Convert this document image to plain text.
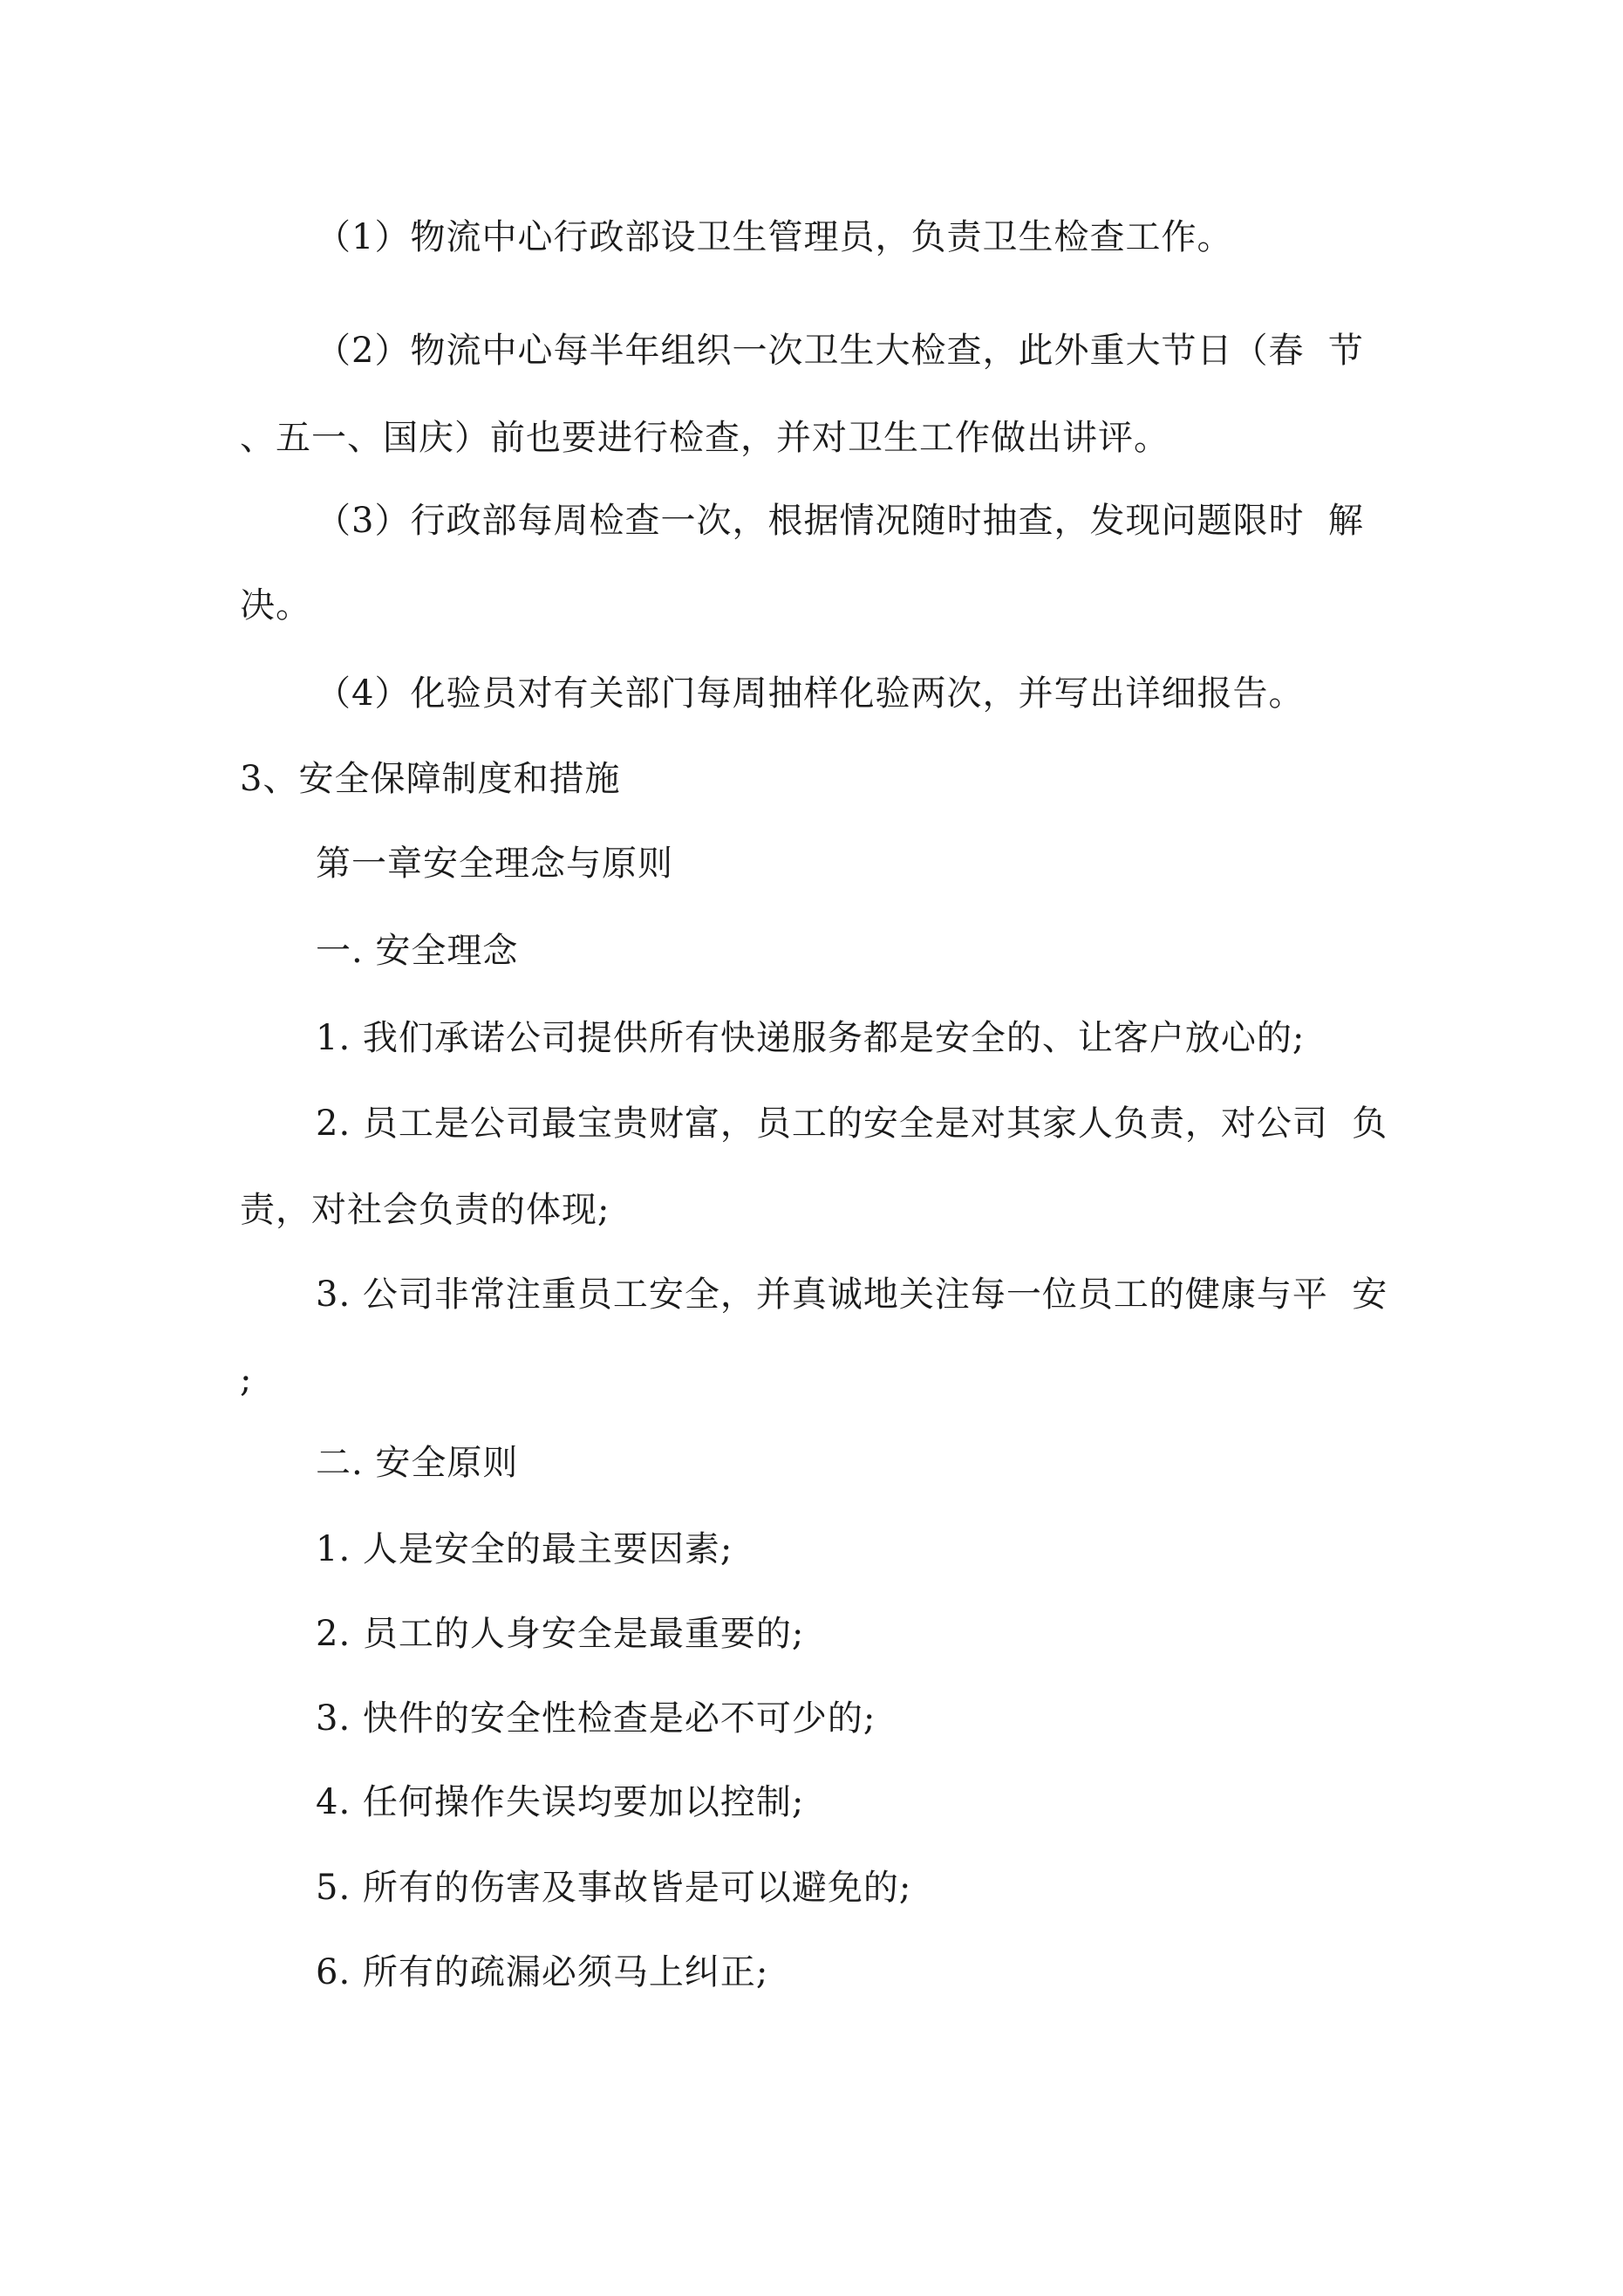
（1）物流中心行政部设卫生管理员，负责卫生检查工作。
（2）物流中心每半年组织一次卫生大检查，此外重大节日（春  节
、五一、国庆）前也要进行检查，并对卫生工作做出讲评。
（3）行政部每周检查一次，根据情况随时抽查，发现问题限时  解
决。
（4）化验员对有关部门每周抽样化验两次，并写出详细报告。
3、安全保障制度和措施
第一章安全理念与原则
一. 安全理念
1. 我们承诺公司提供所有快递服务都是安全的、让客户放心的;
2. 员工是公司最宝贵财富，员工的安全是对其家人负责，对公司  负
责，对社会负责的体现;
3. 公司非常注重员工安全，并真诚地关注每一位员工的健康与平  安
;
二. 安全原则
1. 人是安全的最主要因素;
2. 员工的人身安全是最重要的;
3. 快件的安全性检查是必不可少的;
4. 任何操作失误均要加以控制;
5. 所有的伤害及事故皆是可以避免的;
6. 所有的疏漏必须马上纠正;
